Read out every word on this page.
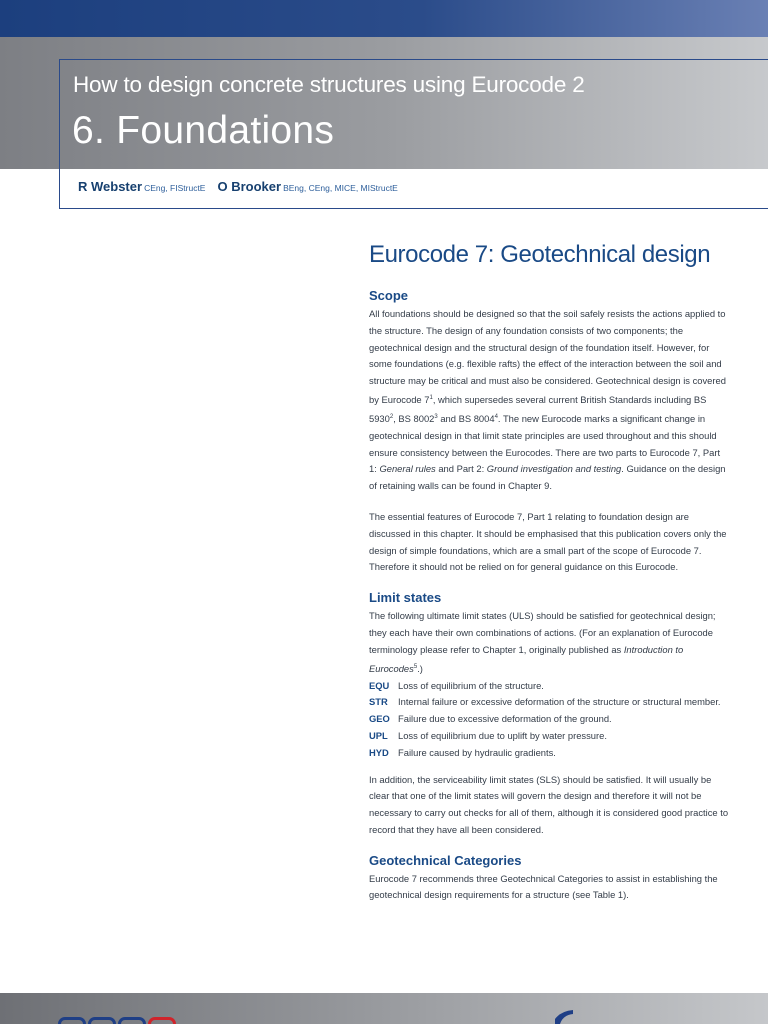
How to design concrete structures using Eurocode 2
6. Foundations
R Webster CEng, FIStructE O Brooker BEng, CEng, MICE, MIStructE
Eurocode 7: Geotechnical design
Scope

All foundations should be designed so that the soil safely resists the actions applied to the structure. The design of any foundation consists of two components; the geotechnical design and the structural design of the foundation itself. However, for some foundations (e.g. flexible rafts) the effect of the interaction between the soil and structure may be critical and must also be considered. Geotechnical design is covered by Eurocode $7^1$, which supersedes several current British Standards including BS 5930$^2$, BS 8002$^3$ and BS 8004$^4$. The new Eurocode marks a significant change in geotechnical design in that limit state principles are used throughout and this should ensure consistency between the Eurocodes. There are two parts to Eurocode 7, Part 1: General rules and Part 2: Ground investigation and testing. Guidance on the design of retaining walls can be found in Chapter 9.

The essential features of Eurocode 7, Part 1 relating to foundation design are discussed in this chapter. It should be emphasised that this publication covers only the design of simple foundations, which are a small part of the scope of Eurocode 7. Therefore it should not be relied on for general guidance on this Eurocode.

Limit states

The following ultimate limit states (ULS) should be satisfied for geotechnical design; they each have their own combinations of actions. (For an explanation of Eurocode terminology please refer to Chapter 1, originally published as Introduction to Eurocodes$^5$.)

EQU Loss of equilibrium of the structure.
STR	Internal failure or excessive deformation of the structure or structural member.
GEO Failure due to excessive deformation of the ground.
UPL	Loss of equilibrium due to uplift by water pressure.
HYD Failure caused by hydraulic gradients.

In addition, the serviceability limit states (SLS) should be satisfied. It will usually be clear that one of the limit states will govern the design and therefore it will not be necessary to carry out checks for all of them, although it is considered good practice to record that they have all been considered.

Geotechnical Categories

Eurocode 7 recommends three Geotechnical Categories to assist in establishing the geotechnical design requirements for a structure (see Table 1).
